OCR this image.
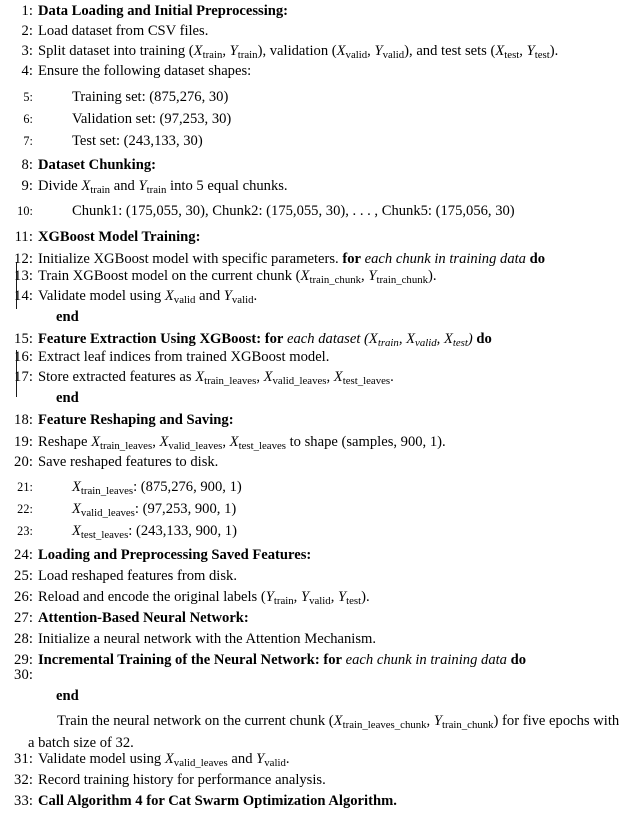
1: Data Loading and Initial Preprocessing:
2: Load dataset from CSV files.
3: Split dataset into training ($X_{train}$, $Y_{train}$), validation ($X_{valid}$, $Y_{valid}$), and test sets ($X_{test}$, $Y_{test}$).
4: Ensure the following dataset shapes:
5:	Training set: (875,276, 30)
6:	Validation set: (97,253, 30)
7:	Test set: (243,133, 30)
8: Dataset Chunking:
9: Divide $X_{train}$ and $Y_{train}$ into 5 equal chunks.
10:	Chunk1: (175,055, 30), Chunk2: (175,055, 30), . . . , Chunk5: (175,056, 30)
11: XGBoost Model Training:
12: Initialize XGBoost model with specific parameters. for each chunk in training data do
13: Train XGBoost model on the current chunk ($X_{train\_chunk}$, $Y_{train\_chunk}$).
14: Validate model using $X_{valid}$ and $Y_{valid}$.
end
15: Feature Extraction Using XGBoost: for each dataset ($X_{train}$, $X_{valid}$, $X_{test}$) do
16: Extract leaf indices from trained XGBoost model.
17: Store extracted features as $X_{train\_leaves}$, $X_{valid\_leaves}$, $X_{test\_leaves}$.
end
18: Feature Reshaping and Saving:
19: Reshape $X_{train\_leaves}$, $X_{valid\_leaves}$, $X_{test\_leaves}$ to shape (samples, 900, 1).
20: Save reshaped features to disk.
21:	$X_{train\_leaves}$: (875,276, 900, 1)
22:	$X_{valid\_leaves}$: (97,253, 900, 1)
23:	$X_{test\_leaves}$: (243,133, 900, 1)
24: Loading and Preprocessing Saved Features:
25: Load reshaped features from disk.
26: Reload and encode the original labels ($Y_{train}$, $Y_{valid}$, $Y_{test}$).
27: Attention-Based Neural Network:
28: Initialize a neural network with the Attention Mechanism.
29: Incremental Training of the Neural Network: for each chunk in training data do
30:
end
Train the neural network on the current chunk ($X_{train\_leaves\_chunk}$, $Y_{train\_chunk}$) for five epochs with a batch size of 32.
31: Validate model using $X_{valid\_leaves}$ and $Y_{valid}$.
32: Record training history for performance analysis.
33: Call Algorithm 4 for Cat Swarm Optimization Algorithm.
